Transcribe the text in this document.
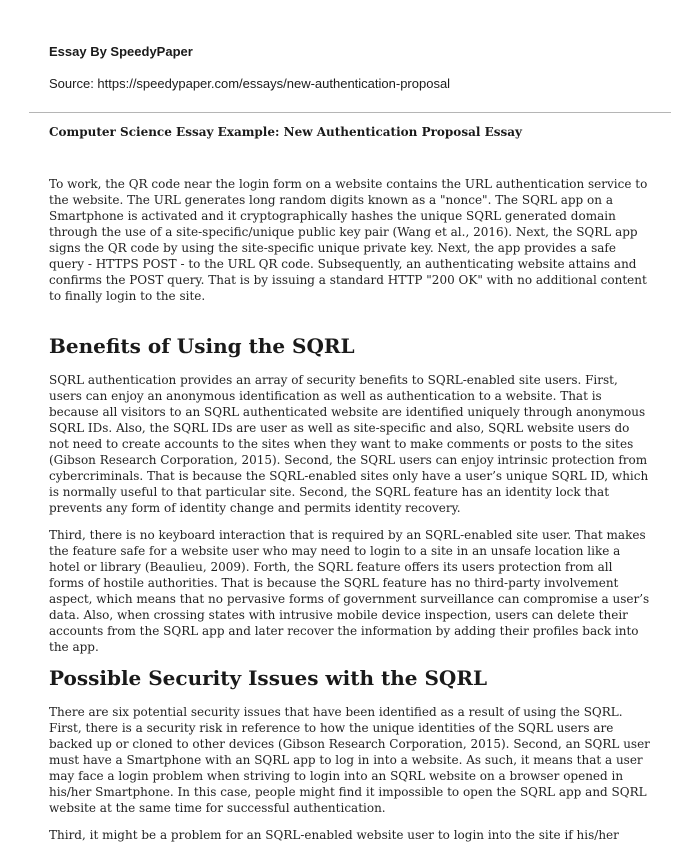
Essay By SpeedyPaper
Source: https://speedypaper.com/essays/new-authentication-proposal
Computer Science Essay Example: New Authentication Proposal Essay

To work, the QR code near the login form on a website contains the URL authentication service to the website. The URL generates long random digits known as a "nonce". The SQRL app on a Smartphone is activated and it cryptographically hashes the unique SQRL generated domain through the use of a site-specific/unique public key pair (Wang et al., 2016). Next, the SQRL app signs the QR code by using the site-specific unique private key. Next, the app provides a safe query - HTTPS POST - to the URL QR code. Subsequently, an authenticating website attains and confirms the POST query. That is by issuing a standard HTTP "200 OK" with no additional content to finally login to the site.

Benefits of Using the SQRL

SQRL authentication provides an array of security benefits to SQRL-enabled site users. First, users can enjoy an anonymous identification as well as authentication to a website. That is because all visitors to an SQRL authenticated website are identified uniquely through anonymous SQRL IDs. Also, the SQRL IDs are user as well as site-specific and also, SQRL website users do not need to create accounts to the sites when they want to make comments or posts to the sites (Gibson Research Corporation, 2015). Second, the SQRL users can enjoy intrinsic protection from cybercriminals. That is because the SQRL-enabled sites only have a user’s unique SQRL ID, which is normally useful to that particular site. Second, the SQRL feature has an identity lock that prevents any form of identity change and permits identity recovery.

Third, there is no keyboard interaction that is required by an SQRL-enabled site user. That makes the feature safe for a website user who may need to login to a site in an unsafe location like a hotel or library (Beaulieu, 2009). Forth, the SQRL feature offers its users protection from all forms of hostile authorities. That is because the SQRL feature has no third-party involvement aspect, which means that no pervasive forms of government surveillance can compromise a user’s data. Also, when crossing states with intrusive mobile device inspection, users can delete their accounts from the SQRL app and later recover the information by adding their profiles back into the app.

Possible Security Issues with the SQRL

There are six potential security issues that have been identified as a result of using the SQRL. First, there is a security risk in reference to how the unique identities of the SQRL users are backed up or cloned to other devices (Gibson Research Corporation, 2015). Second, an SQRL user must have a Smartphone with an SQRL app to log in into a website. As such, it means that a user may face a login problem when striving to login into an SQRL website on a browser opened in his/her Smartphone. In this case, people might find it impossible to open the SQRL app and SQRL website at the same time for successful authentication.

Third, it might be a problem for an SQRL-enabled website user to login into the site if his/her
